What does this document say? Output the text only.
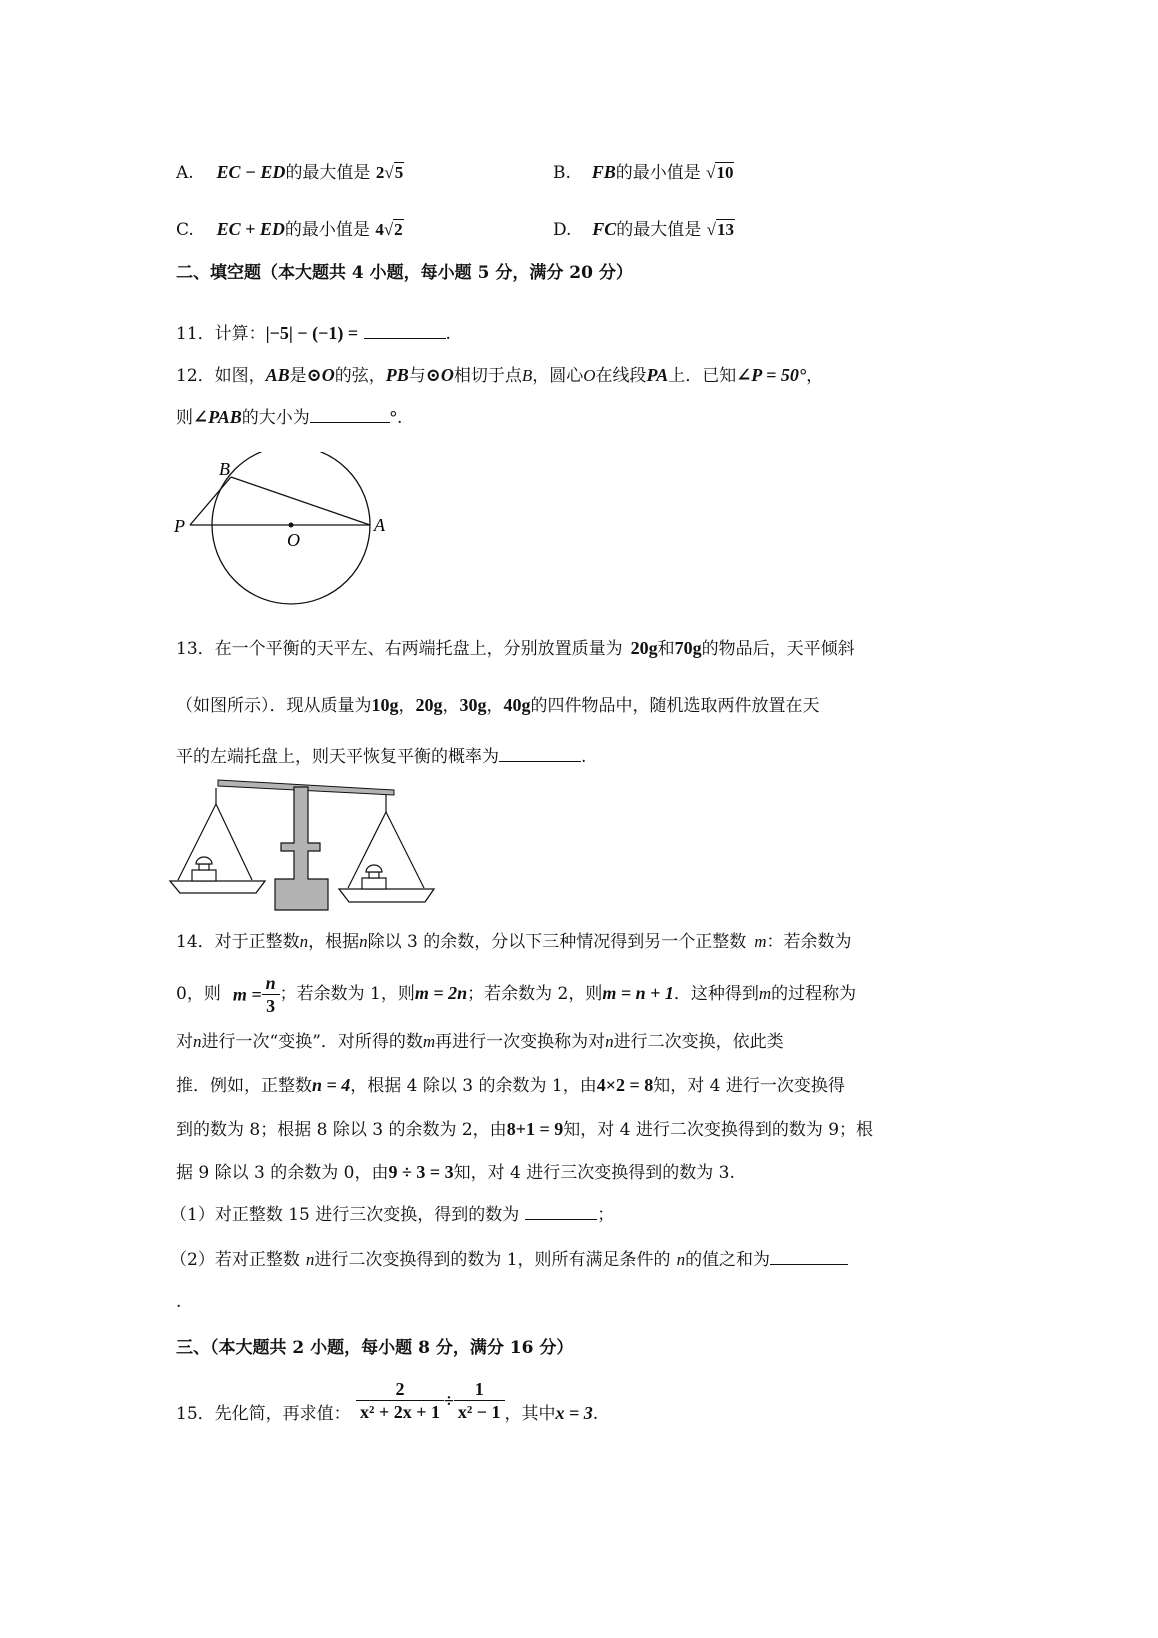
A. EC − ED的最大值是 2√5	B. FB的最小值是 √10
C. EC + ED的最小值是 4√2	D. FC的最大值是 √13
二、填空题（本大题共 4 小题，每小题 5 分，满分 20 分）
11．计算：|−5| − (−1) =	.
12．如图，AB是⊙O的弦，PB与⊙O相切于点B，圆心O在线段PA上．已知∠P = 50°，
则∠PAB的大小为	°.
B
P
O
A
13．在一个平衡的天平左、右两端托盘上，分别放置质量为 20g和70g的物品后，天平倾斜
（如图所示）．现从质量为10g，20g，30g，40g的四件物品中，随机选取两件放置在天
平的左端托盘上，则天平恢复平衡的概率为	.
14．对于正整数n，根据n除以 3 的余数，分以下三种情况得到另一个正整数 m：若余数为
0，则 $m = \frac{n}{3}$ ；若余数为 1，则m = 2n；若余数为 2，则m = n + 1．这种得到m的过程称为
对n进行一次“变换”．对所得的数m再进行一次变换称为对n进行二次变换，依此类
推．例如，正整数n = 4，根据 4 除以 3 的余数为 1，由4×2 = 8知，对 4 进行一次变换得
到的数为 8；根据 8 除以 3 的余数为 2，由8+1 = 9知，对 4 进行二次变换得到的数为 9；根
据 9 除以 3 的余数为 0，由9 ÷ 3 = 3知，对 4 进行三次变换得到的数为 3.
（1）对正整数 15 进行三次变换，得到的数为	；
（2）若对正整数 n进行二次变换得到的数为 1，则所有满足条件的 n的值之和为
.
三、（本大题共 2 小题，每小题 8 分，满分 16 分）
15．先化简，再求值： $\frac{2}{\text{x² + 2x + 1}} \div \frac{1}{\text{x² − 1}}$ ，其中x = 3.
